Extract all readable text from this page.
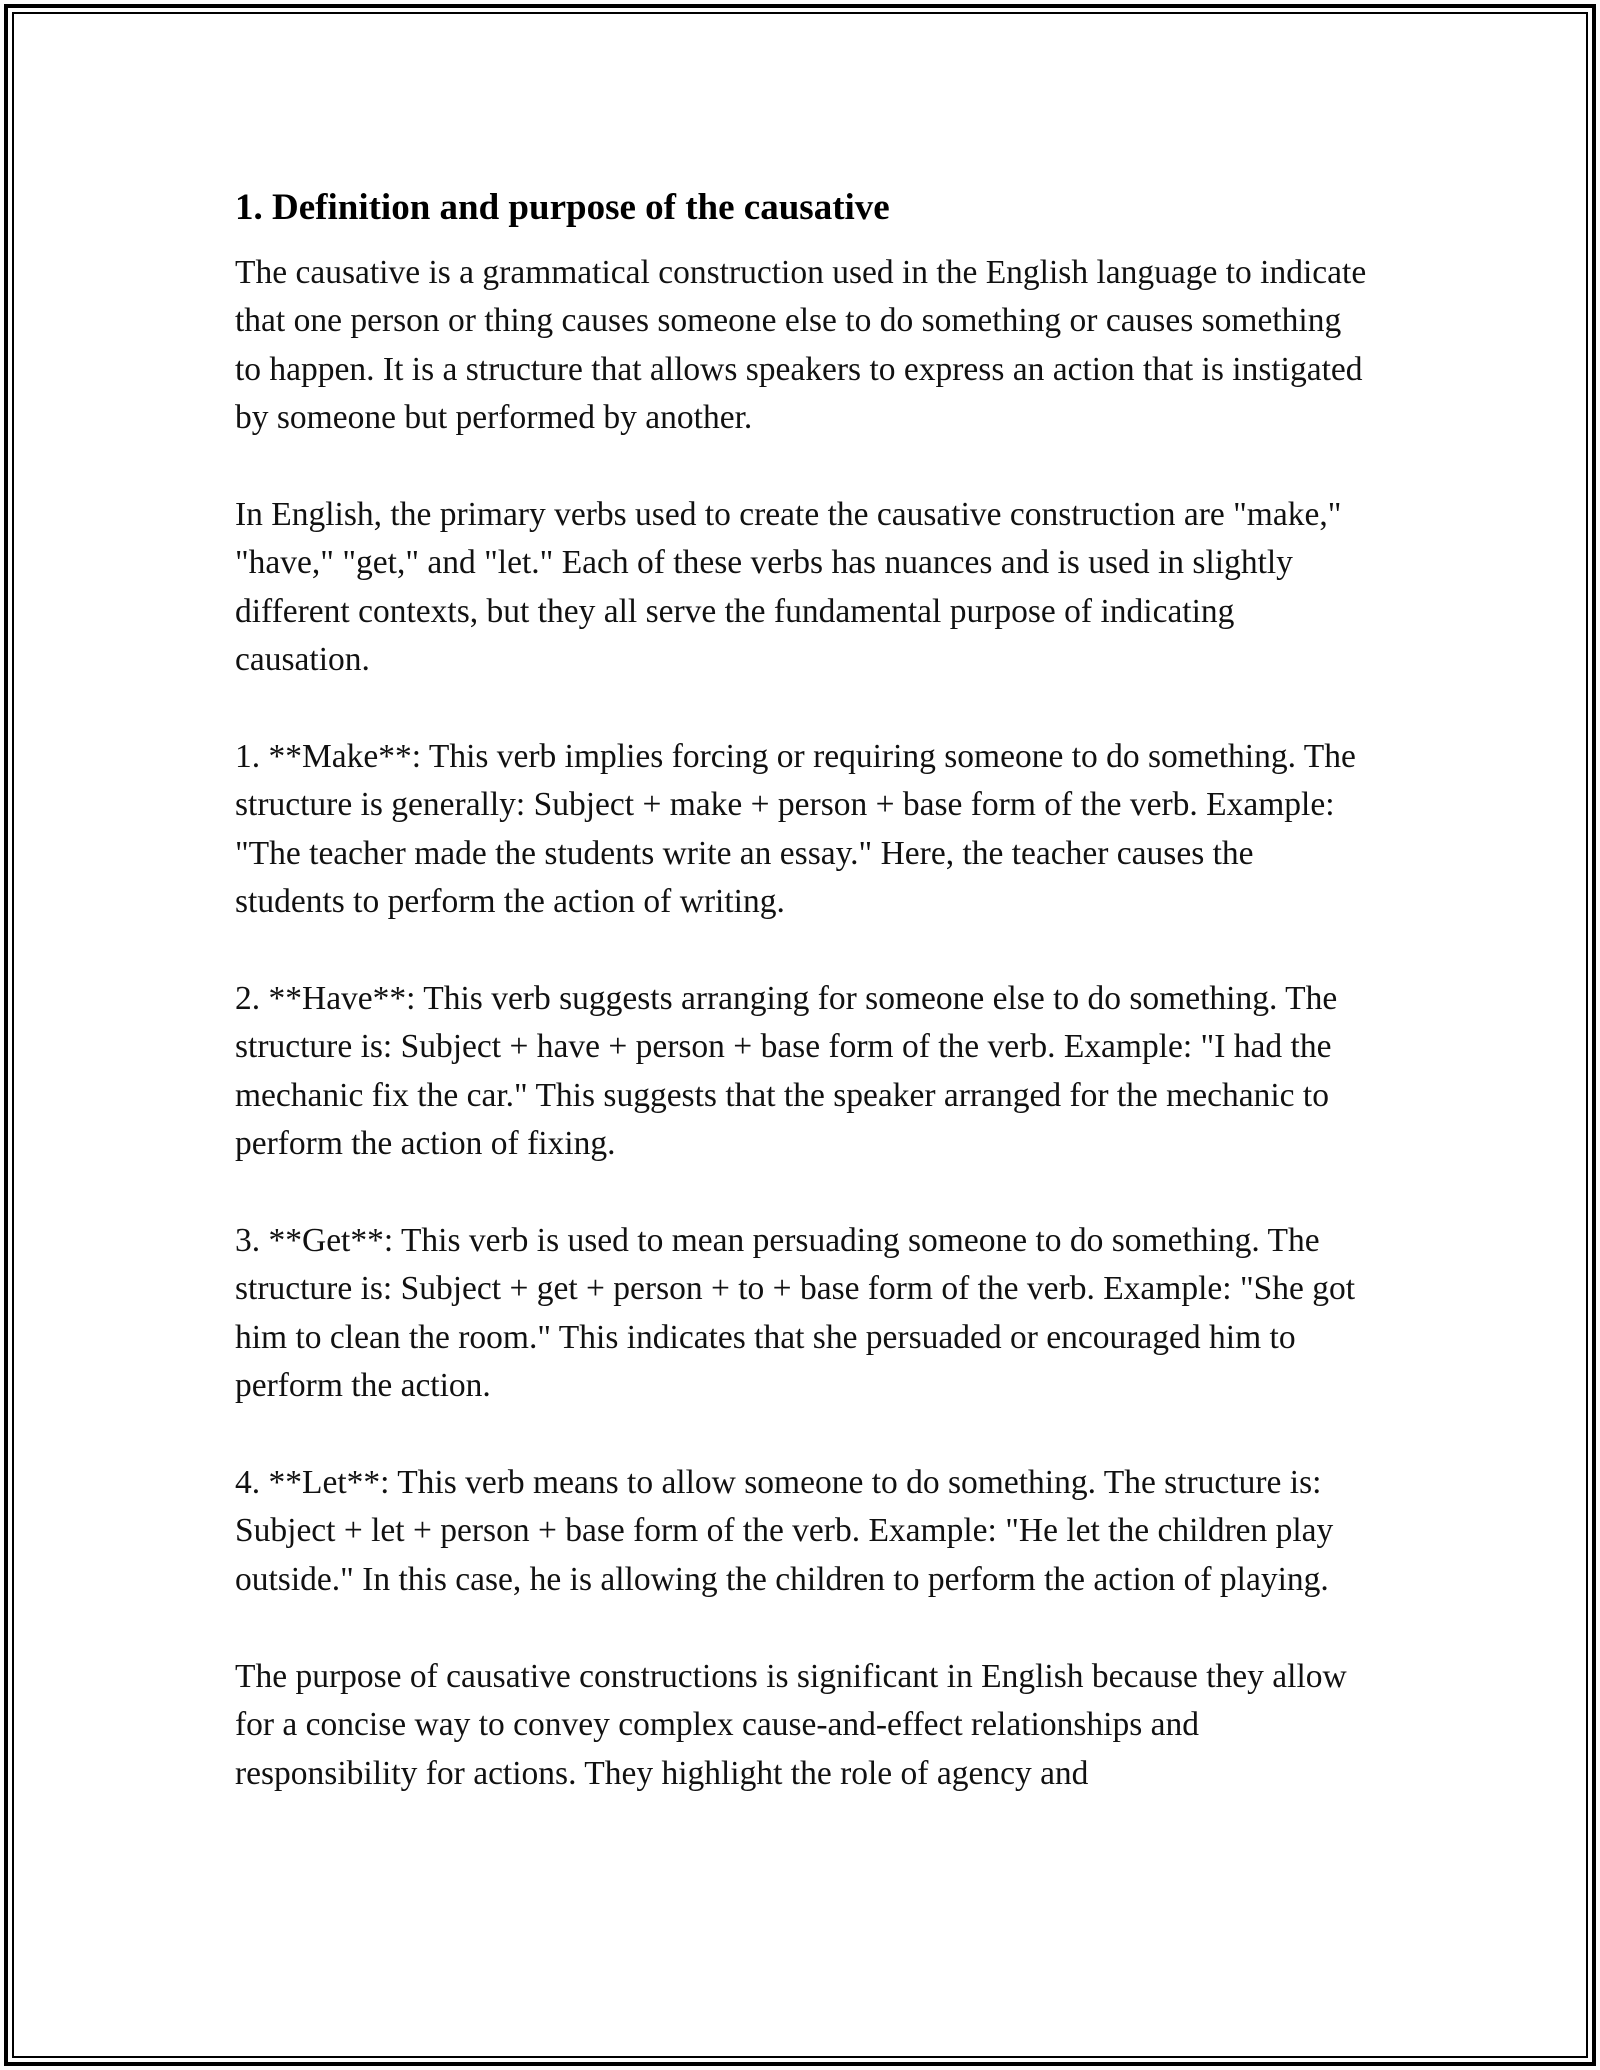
1. Definition and purpose of the causative

The causative is a grammatical construction used in the English language to indicate that one person or thing causes someone else to do something or causes something to happen. It is a structure that allows speakers to express an action that is instigated by someone but performed by another.

In English, the primary verbs used to create the causative construction are "make," "have," "get," and "let." Each of these verbs has nuances and is used in slightly different contexts, but they all serve the fundamental purpose of indicating causation.

1. **Make**: This verb implies forcing or requiring someone to do something. The structure is generally: Subject + make + person + base form of the verb. Example: "The teacher made the students write an essay." Here, the teacher causes the students to perform the action of writing.

2. **Have**: This verb suggests arranging for someone else to do something. The structure is: Subject + have + person + base form of the verb. Example: "I had the mechanic fix the car." This suggests that the speaker arranged for the mechanic to perform the action of fixing.

3. **Get**: This verb is used to mean persuading someone to do something. The structure is: Subject + get + person + to + base form of the verb. Example: "She got him to clean the room." This indicates that she persuaded or encouraged him to perform the action.

4. **Let**: This verb means to allow someone to do something. The structure is: Subject + let + person + base form of the verb. Example: "He let the children play outside." In this case, he is allowing the children to perform the action of playing.

The purpose of causative constructions is significant in English because they allow for a concise way to convey complex cause-and-effect relationships and responsibility for actions. They highlight the role of agency and
